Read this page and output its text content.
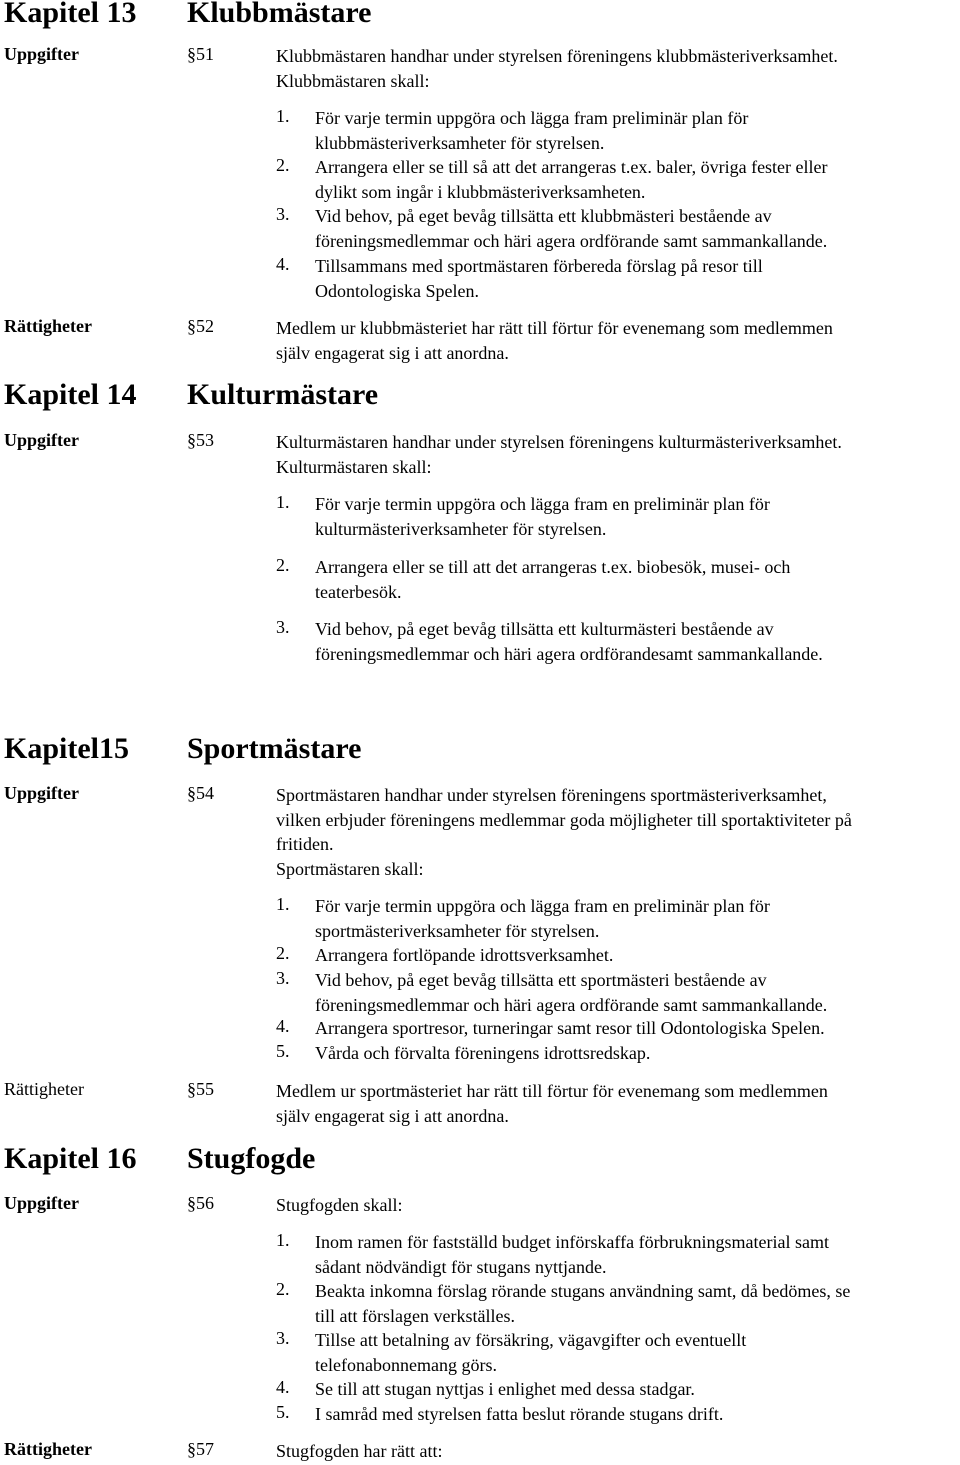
Kapitel 13 Klubbmästare
Uppgifter	§51	Klubbmästaren handhar under styrelsen föreningens klubbmästeriverksamhet.
Klubbmästaren skall:
1. För varje termin uppgöra och lägga fram preliminär plan för
klubbmästeriverksamheter för styrelsen.
2. Arrangera eller se till så att det arrangeras t.ex. baler, övriga fester eller
dylikt som ingår i klubbmästeriverksamheten.
3. Vid behov, på eget bevåg tillsätta ett klubbmästeri bestående av
föreningsmedlemmar och häri agera ordförande samt sammankallande.
4. Tillsammans med sportmästaren förbereda förslag på resor till
Odontologiska Spelen.
Rättigheter	§52	Medlem ur klubbmästeriet har rätt till förtur för evenemang som medlemmen
själv engagerat sig i att anordna.
Kapitel 14 Kulturmästare
Uppgifter	§53	Kulturmästaren handhar under styrelsen föreningens kulturmästeriverksamhet.
Kulturmästaren skall:
1. För varje termin uppgöra och lägga fram en preliminär plan för
kulturmästeriverksamheter för styrelsen.
2. Arrangera eller se till att det arrangeras t.ex. biobesök, musei- och
teaterbesök.
3. Vid behov, på eget bevåg tillsätta ett kulturmästeri bestående av
föreningsmedlemmar och häri agera ordförandesamt sammankallande.
Kapitel15 Sportmästare
Uppgifter	§54	Sportmästaren handhar under styrelsen föreningens sportmästeriverksamhet,
vilken erbjuder föreningens medlemmar goda möjligheter till sportaktiviteter på
fritiden.
Sportmästaren skall:
1. För varje termin uppgöra och lägga fram en preliminär plan för
sportmästeriverksamheter för styrelsen.
2. Arrangera fortlöpande idrottsverksamhet.
3. Vid behov, på eget bevåg tillsätta ett sportmästeri bestående av
föreningsmedlemmar och häri agera ordförande samt sammankallande.
4. Arrangera sportresor, turneringar samt resor till Odontologiska Spelen.
5. Vårda och förvalta föreningens idrottsredskap.
Rättigheter	§55	Medlem ur sportmästeriet har rätt till förtur för evenemang som medlemmen
själv engagerat sig i att anordna.
Kapitel 16 Stugfogde
Uppgifter	§56	Stugfogden skall:
1. Inom ramen för fastställd budget införskaffa förbrukningsmaterial samt
sådant nödvändigt för stugans nyttjande.
2. Beakta inkomna förslag rörande stugans användning samt, då bedömes, se
till att förslagen verkställes.
3. Tillse att betalning av försäkring, vägavgifter och eventuellt
telefonabonnemang görs.
4. Se till att stugan nyttjas i enlighet med dessa stadgar.
5. I samråd med styrelsen fatta beslut rörande stugans drift.
Rättigheter	§57	Stugfogden har rätt att:
